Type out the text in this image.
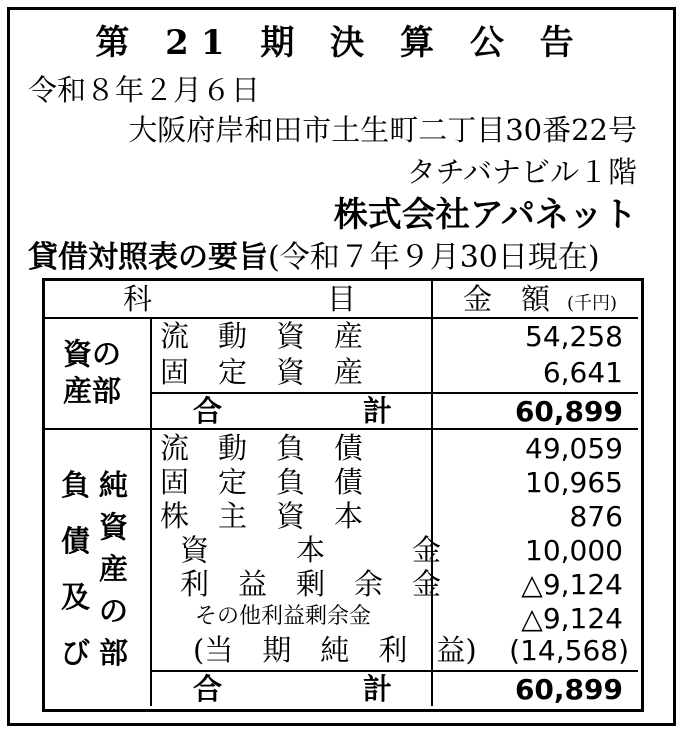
第 21 期 決 算 公 告
令和８年２月６日
大阪府岸和田市土生町二丁目30番22号
タチバナビル１階
株式会社アパネット
貸借対照表の要旨(令和７年９月30日現在)
科	目	金　額 (千円)
資の
産部
流　動　資　産	54,258
固　定　資　産	6,641
合	計	60,899
負
債
及
び
純
資
産
の
部
流　動　負　債	49,059
固　定　負　債	10,965
株　主　資　本	876
資　　　本　　　金	10,000
利　益　剰　余　金	△9,124
その他利益剰余金	△9,124
(当　期　純　利　益) (14,568)
合	計	60,899
